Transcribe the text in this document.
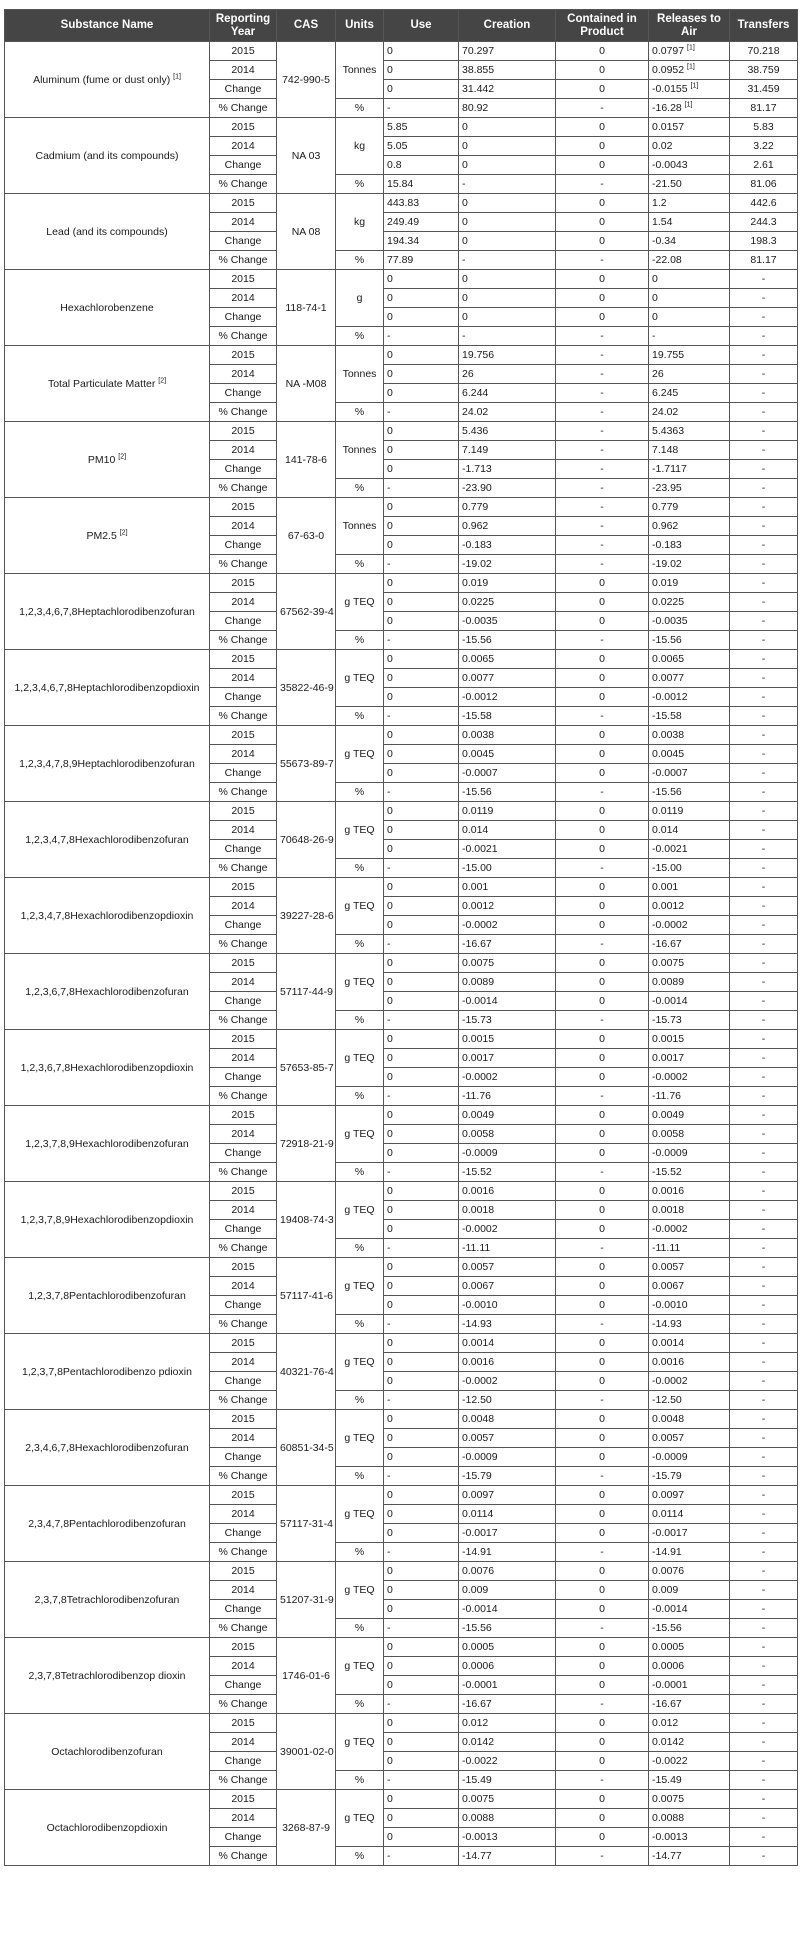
Substance Name	Reporting Year	CAS	Units	Use	Creation	Contained in Product	Releases to Air	Transfers
Aluminum (fume or dust only) [1]	2015	742-990-5	Tonnes	0	70.297	0	0.0797 [1]	70.218
	2014			0	38.855	0	0.0952 [1]	38.759
	Change			0	31.442	0	-0.0155 [1]	31.459
	% Change		%	-	80.92	-	-16.28 [1]	81.17
Cadmium (and its compounds)	2015	NA 03	kg	5.85	0	0	0.0157	5.83
	2014			5.05	0	0	0.02	3.22
	Change			0.8	0	0	-0.0043	2.61
	% Change		%	15.84	-	-	-21.50	81.06
Lead (and its compounds)	2015	NA 08	kg	443.83	0	0	1.2	442.6
	2014			249.49	0	0	1.54	244.3
	Change			194.34	0	0	-0.34	198.3
	% Change		%	77.89	-	-	-22.08	81.17
Hexachlorobenzene	2015	118-74-1	g	0	0	0	0	-
	2014			0	0	0	0	-
	Change			0	0	0	0	-
	% Change		%	-	-	-	-	-
Total Particulate Matter [2]	2015	NA -M08	Tonnes	0	19.756	-	19.755	-
	2014			0	26	-	26	-
	Change			0	6.244	-	6.245	-
	% Change		%	-	24.02	-	24.02	-
PM10 [2]	2015	141-78-6	Tonnes	0	5.436	-	5.4363	-
	2014			0	7.149	-	7.148	-
	Change			0	-1.713	-	-1.7117	-
	% Change		%	-	-23.90	-	-23.95	-
PM2.5 [2]	2015	67-63-0	Tonnes	0	0.779	-	0.779	-
	2014			0	0.962	-	0.962	-
	Change			0	-0.183	-	-0.183	-
	% Change		%	-	-19.02	-	-19.02	-
1,2,3,4,6,7,8Heptachlorodibenzofuran	2015	67562-39-4	g TEQ	0	0.019	0	0.019	-
	2014			0	0.0225	0	0.0225	-
	Change			0	-0.0035	0	-0.0035	-
	% Change		%	-	-15.56	-	-15.56	-
1,2,3,4,6,7,8Heptachlorodibenzopdioxin	2015	35822-46-9	g TEQ	0	0.0065	0	0.0065	-
	2014			0	0.0077	0	0.0077	-
	Change			0	-0.0012	0	-0.0012	-
	% Change		%	-	-15.58	-	-15.58	-
1,2,3,4,7,8,9Heptachlorodibenzofuran	2015	55673-89-7	g TEQ	0	0.0038	0	0.0038	-
	2014			0	0.0045	0	0.0045	-
	Change			0	-0.0007	0	-0.0007	-
	% Change		%	-	-15.56	-	-15.56	-
1,2,3,4,7,8Hexachlorodibenzofuran	2015	70648-26-9	g TEQ	0	0.0119	0	0.0119	-
	2014			0	0.014	0	0.014	-
	Change			0	-0.0021	0	-0.0021	-
	% Change		%	-	-15.00	-	-15.00	-
1,2,3,4,7,8Hexachlorodibenzopdioxin	2015	39227-28-6	g TEQ	0	0.001	0	0.001	-
	2014			0	0.0012	0	0.0012	-
	Change			0	-0.0002	0	-0.0002	-
	% Change		%	-	-16.67	-	-16.67	-
1,2,3,6,7,8Hexachlorodibenzofuran	2015	57117-44-9	g TEQ	0	0.0075	0	0.0075	-
	2014			0	0.0089	0	0.0089	-
	Change			0	-0.0014	0	-0.0014	-
	% Change		%	-	-15.73	-	-15.73	-
1,2,3,6,7,8Hexachlorodibenzopdioxin	2015	57653-85-7	g TEQ	0	0.0015	0	0.0015	-
	2014			0	0.0017	0	0.0017	-
	Change			0	-0.0002	0	-0.0002	-
	% Change		%	-	-11.76	-	-11.76	-
1,2,3,7,8,9Hexachlorodibenzofuran	2015	72918-21-9	g TEQ	0	0.0049	0	0.0049	-
	2014			0	0.0058	0	0.0058	-
	Change			0	-0.0009	0	-0.0009	-
	% Change		%	-	-15.52	-	-15.52	-
1,2,3,7,8,9Hexachlorodibenzopdioxin	2015	19408-74-3	g TEQ	0	0.0016	0	0.0016	-
	2014			0	0.0018	0	0.0018	-
	Change			0	-0.0002	0	-0.0002	-
	% Change		%	-	-11.11	-	-11.11	-
1,2,3,7,8Pentachlorodibenzofuran	2015	57117-41-6	g TEQ	0	0.0057	0	0.0057	-
	2014			0	0.0067	0	0.0067	-
	Change			0	-0.0010	0	-0.0010	-
	% Change		%	-	-14.93	-	-14.93	-
1,2,3,7,8Pentachlorodibenzo pdioxin	2015	40321-76-4	g TEQ	0	0.0014	0	0.0014	-
	2014			0	0.0016	0	0.0016	-
	Change			0	-0.0002	0	-0.0002	-
	% Change		%	-	-12.50	-	-12.50	-
2,3,4,6,7,8Hexachlorodibenzofuran	2015	60851-34-5	g TEQ	0	0.0048	0	0.0048	-
	2014			0	0.0057	0	0.0057	-
	Change			0	-0.0009	0	-0.0009	-
	% Change		%	-	-15.79	-	-15.79	-
2,3,4,7,8Pentachlorodibenzofuran	2015	57117-31-4	g TEQ	0	0.0097	0	0.0097	-
	2014			0	0.0114	0	0.0114	-
	Change			0	-0.0017	0	-0.0017	-
	% Change		%	-	-14.91	-	-14.91	-
2,3,7,8Tetrachlorodibenzofuran	2015	51207-31-9	g TEQ	0	0.0076	0	0.0076	-
	2014			0	0.009	0	0.009	-
	Change			0	-0.0014	0	-0.0014	-
	% Change		%	-	-15.56	-	-15.56	-
2,3,7,8Tetrachlorodibenzop dioxin	2015	1746-01-6	g TEQ	0	0.0005	0	0.0005	-
	2014			0	0.0006	0	0.0006	-
	Change			0	-0.0001	0	-0.0001	-
	% Change		%	-	-16.67	-	-16.67	-
Octachlorodibenzofuran	2015	39001-02-0	g TEQ	0	0.012	0	0.012	-
	2014			0	0.0142	0	0.0142	-
	Change			0	-0.0022	0	-0.0022	-
	% Change		%	-	-15.49	-	-15.49	-
Octachlorodibenzopdioxin	2015	3268-87-9	g TEQ	0	0.0075	0	0.0075	-
	2014			0	0.0088	0	0.0088	-
	Change			0	-0.0013	0	-0.0013	-
	% Change		%	-	-14.77	-	-14.77	-
